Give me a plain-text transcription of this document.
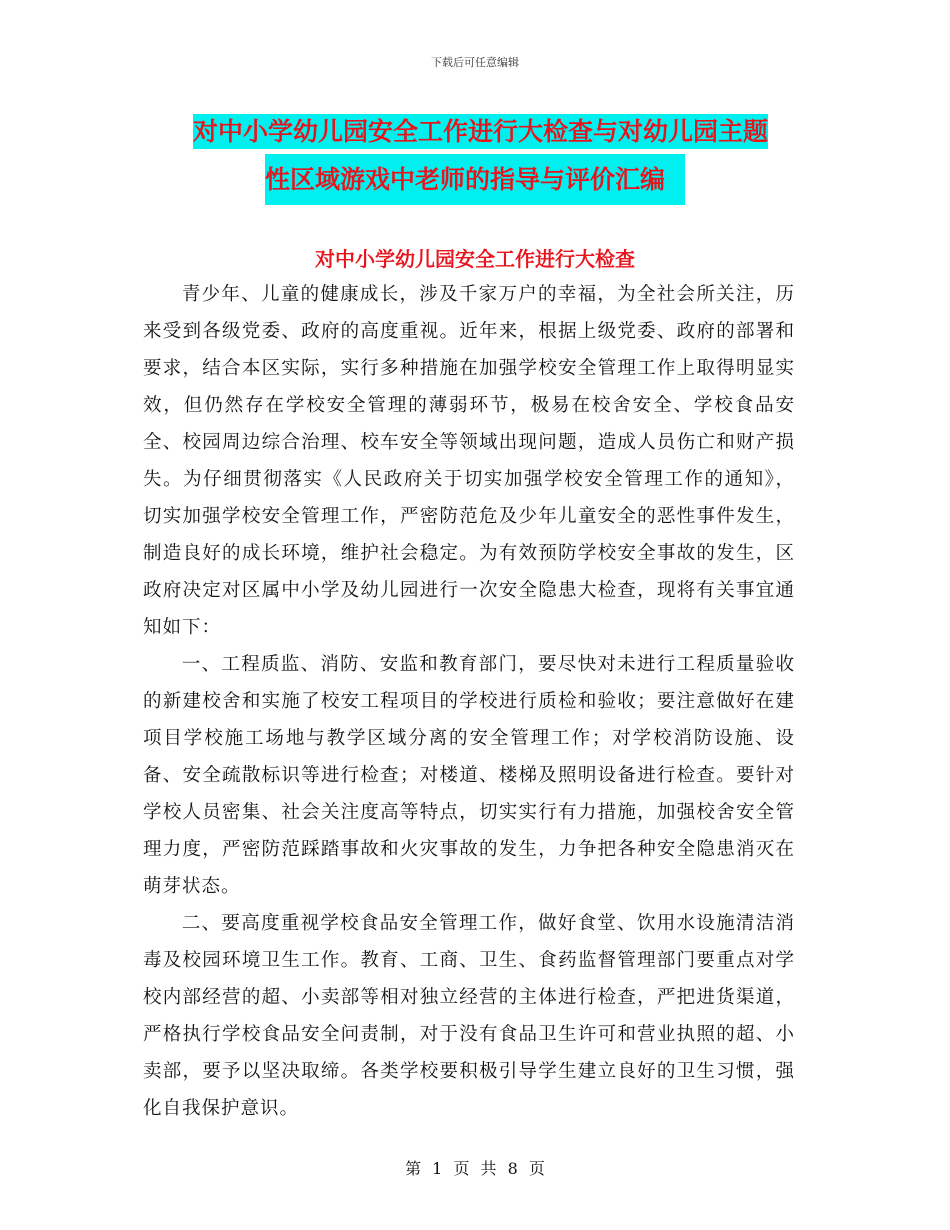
下载后可任意编辑
对中小学幼儿园安全工作进行大检查与对幼儿园主题
性区域游戏中老师的指导与评价汇编
对中小学幼儿园安全工作进行大检查

青少年、儿童的健康成长，涉及千家万户的幸福，为全社会所关注，历来受到各级党委、政府的高度重视。近年来，根据上级党委、政府的部署和要求，结合本区实际，实行多种措施在加强学校安全管理工作上取得明显实效，但仍然存在学校安全管理的薄弱环节，极易在校舍安全、学校食品安全、校园周边综合治理、校车安全等领域出现问题，造成人员伤亡和财产损失。为仔细贯彻落实《人民政府关于切实加强学校安全管理工作的通知》，切实加强学校安全管理工作，严密防范危及少年儿童安全的恶性事件发生，制造良好的成长环境，维护社会稳定。为有效预防学校安全事故的发生，区政府决定对区属中小学及幼儿园进行一次安全隐患大检查，现将有关事宜通知如下：

一、工程质监、消防、安监和教育部门，要尽快对未进行工程质量验收的新建校舍和实施了校安工程项目的学校进行质检和验收；要注意做好在建项目学校施工场地与教学区域分离的安全管理工作；对学校消防设施、设备、安全疏散标识等进行检查；对楼道、楼梯及照明设备进行检查。要针对学校人员密集、社会关注度高等特点，切实实行有力措施，加强校舍安全管理力度，严密防范踩踏事故和火灾事故的发生，力争把各种安全隐患消灭在萌芽状态。

二、要高度重视学校食品安全管理工作，做好食堂、饮用水设施清洁消毒及校园环境卫生工作。教育、工商、卫生、食药监督管理部门要重点对学校内部经营的超、小卖部等相对独立经营的主体进行检查，严把进货渠道，严格执行学校食品安全问责制，对于没有食品卫生许可和营业执照的超、小卖部，要予以坚决取缔。各类学校要积极引导学生建立良好的卫生习惯，强化自我保护意识。

第 1 页 共 8 页
